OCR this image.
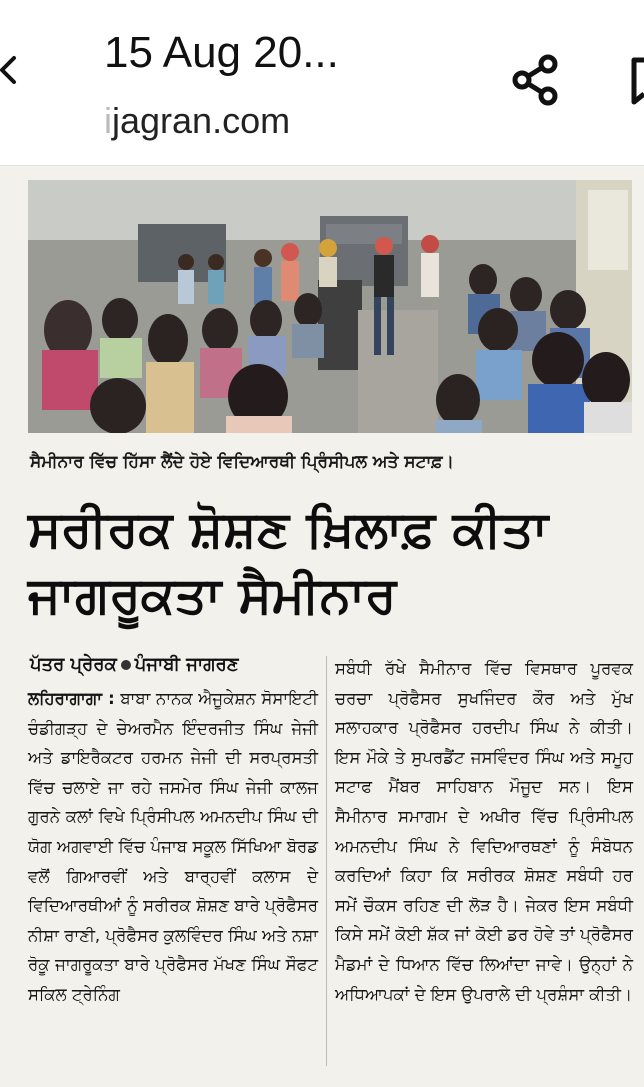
15 Aug 20...
ijagran.com
ਸੈਮੀਨਾਰ ਵਿੱਚ ਹਿੱਸਾ ਲੈਂਦੇ ਹੋਏ ਵਿਦਿਆਰਥੀ ਪ੍ਰਿੰਸੀਪਲ ਅਤੇ ਸਟਾਫ਼।
ਸਰੀਰਕ ਸ਼ੋਸ਼ਣ ਖ਼ਿਲਾਫ਼ ਕੀਤਾ ਜਾਗਰੂਕਤਾ ਸੈਮੀਨਾਰ
ਪੱਤਰ ਪ੍ਰੇਰਕ ਪੰਜਾਬੀ ਜਾਗਰਣ
ਲਹਿਰਾਗਾਗਾ : ਬਾਬਾ ਨਾਨਕ ਐਜੂਕੇਸ਼ਨ ਸੋਸਾਇਟੀ ਚੰਡੀਗੜ੍ਹ ਦੇ ਚੇਅਰਮੈਨ ਇੰਦਰਜੀਤ ਸਿੰਘ ਜੇਜੀ ਅਤੇ ਡਾਇਰੈਕਟਰ ਹਰਮਨ ਜੇਜੀ ਦੀ ਸਰਪ੍ਰਸਤੀ ਵਿੱਚ ਚਲਾਏ ਜਾ ਰਹੇ ਜਸਮੇਰ ਸਿੰਘ ਜੇਜੀ ਕਾਲਜ ਗੁਰਨੇ ਕਲਾਂ ਵਿਖੇ ਪ੍ਰਿੰਸੀਪਲ ਅਮਨਦੀਪ ਸਿੰਘ ਦੀ ਯੋਗ ਅਗਵਾਈ ਵਿੱਚ ਪੰਜਾਬ ਸਕੂਲ ਸਿੱਖਿਆ ਬੋਰਡ ਵਲੋਂ ਗਿਆਰਵੀਂ ਅਤੇ ਬਾਰ੍ਹਵੀਂ ਕਲਾਸ ਦੇ ਵਿਦਿਆਰਥੀਆਂ ਨੂੰ ਸਰੀਰਕ ਸ਼ੋਸ਼ਣ ਬਾਰੇ ਪ੍ਰੋਫੈਸਰ ਨੀਸ਼ਾ ਰਾਣੀ, ਪ੍ਰੋਫੈਸਰ ਕੁਲਵਿੰਦਰ ਸਿੰਘ ਅਤੇ ਨਸ਼ਾ ਰੋਕੂ ਜਾਗਰੂਕਤਾ ਬਾਰੇ ਪ੍ਰੋਫੈਸਰ ਮੱਖਣ ਸਿੰਘ ਸੌਫਟ ਸਕਿਲ ਟ੍ਰੇਨਿੰਗ
ਸਬੰਧੀ ਰੱਖੇ ਸੈਮੀਨਾਰ ਵਿੱਚ ਵਿਸਥਾਰ ਪੂਰਵਕ ਚਰਚਾ ਪ੍ਰੋਫੈਸਰ ਸੁਖਜਿੰਦਰ ਕੌਰ ਅਤੇ ਮੁੱਖ ਸਲਾਹਕਾਰ ਪ੍ਰੋਫੈਸਰ ਹਰਦੀਪ ਸਿੰਘ ਨੇ ਕੀਤੀ। ਇਸ ਮੌਕੇ ਤੇ ਸੁਪਰਡੈਂਟ ਜਸਵਿੰਦਰ ਸਿੰਘ ਅਤੇ ਸਮੂਹ ਸਟਾਫ ਮੈਂਬਰ ਸਾਹਿਬਾਨ ਮੌਜੂਦ ਸਨ। ਇਸ ਸੈਮੀਨਾਰ ਸਮਾਗਮ ਦੇ ਅਖੀਰ ਵਿੱਚ ਪ੍ਰਿੰਸੀਪਲ ਅਮਨਦੀਪ ਸਿੰਘ ਨੇ ਵਿਦਿਆਰਥਣਾਂ ਨੂੰ ਸੰਬੋਧਨ ਕਰਦਿਆਂ ਕਿਹਾ ਕਿ ਸਰੀਰਕ ਸ਼ੋਸ਼ਣ ਸਬੰਧੀ ਹਰ ਸਮੇਂ ਚੌਕਸ ਰਹਿਣ ਦੀ ਲੋੜ ਹੈ। ਜੇਕਰ ਇਸ ਸਬੰਧੀ ਕਿਸੇ ਸਮੇਂ ਕੋਈ ਸ਼ੱਕ ਜਾਂ ਕੋਈ ਡਰ ਹੋਵੇ ਤਾਂ ਪ੍ਰੋਫੈਸਰ ਮੈਡਮਾਂ ਦੇ ਧਿਆਨ ਵਿੱਚ ਲਿਆਂਦਾ ਜਾਵੇ। ਉਨ੍ਹਾਂ ਨੇ ਅਧਿਆਪਕਾਂ ਦੇ ਇਸ ਉਪਰਾਲੇ ਦੀ ਪ੍ਰਸ਼ੰਸਾ ਕੀਤੀ।
